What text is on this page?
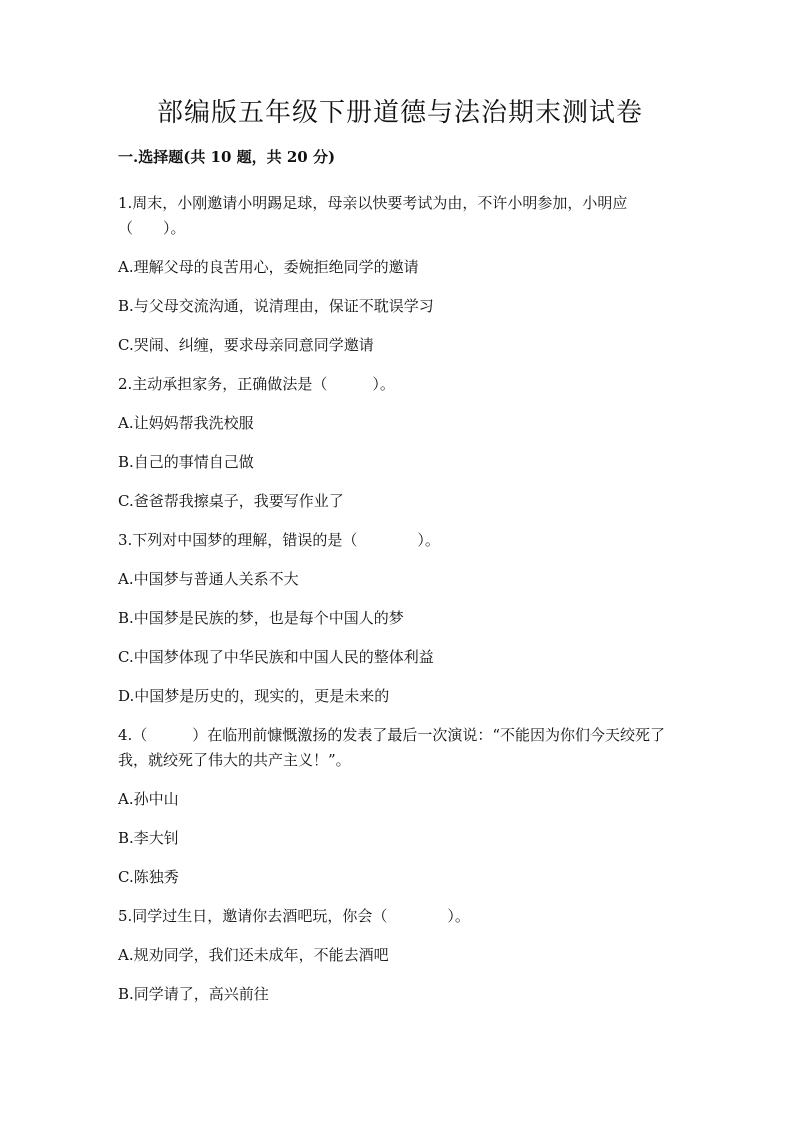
部编版五年级下册道德与法治期末测试卷
一.选择题(共 10 题，共 20 分)
1.周末，小刚邀请小明踢足球，母亲以快要考试为由，不许小明参加，小明应（　　）。
A.理解父母的良苦用心，委婉拒绝同学的邀请
B.与父母交流沟通，说清理由，保证不耽误学习
C.哭闹、纠缠，要求母亲同意同学邀请
2.主动承担家务，正确做法是（　　　）。
A.让妈妈帮我洗校服
B.自己的事情自己做
C.爸爸帮我擦桌子，我要写作业了
3.下列对中国梦的理解，错误的是（　　　　）。
A.中国梦与普通人关系不大
B.中国梦是民族的梦，也是每个中国人的梦
C.中国梦体现了中华民族和中国人民的整体利益
D.中国梦是历史的，现实的，更是未来的
4.（　　　）在临刑前慷慨激扬的发表了最后一次演说：“不能因为你们今天绞死了我，就绞死了伟大的共产主义！”。
A.孙中山
B.李大钊
C.陈独秀
5.同学过生日，邀请你去酒吧玩，你会（　　　　）。
A.规劝同学，我们还未成年，不能去酒吧
B.同学请了，高兴前往
